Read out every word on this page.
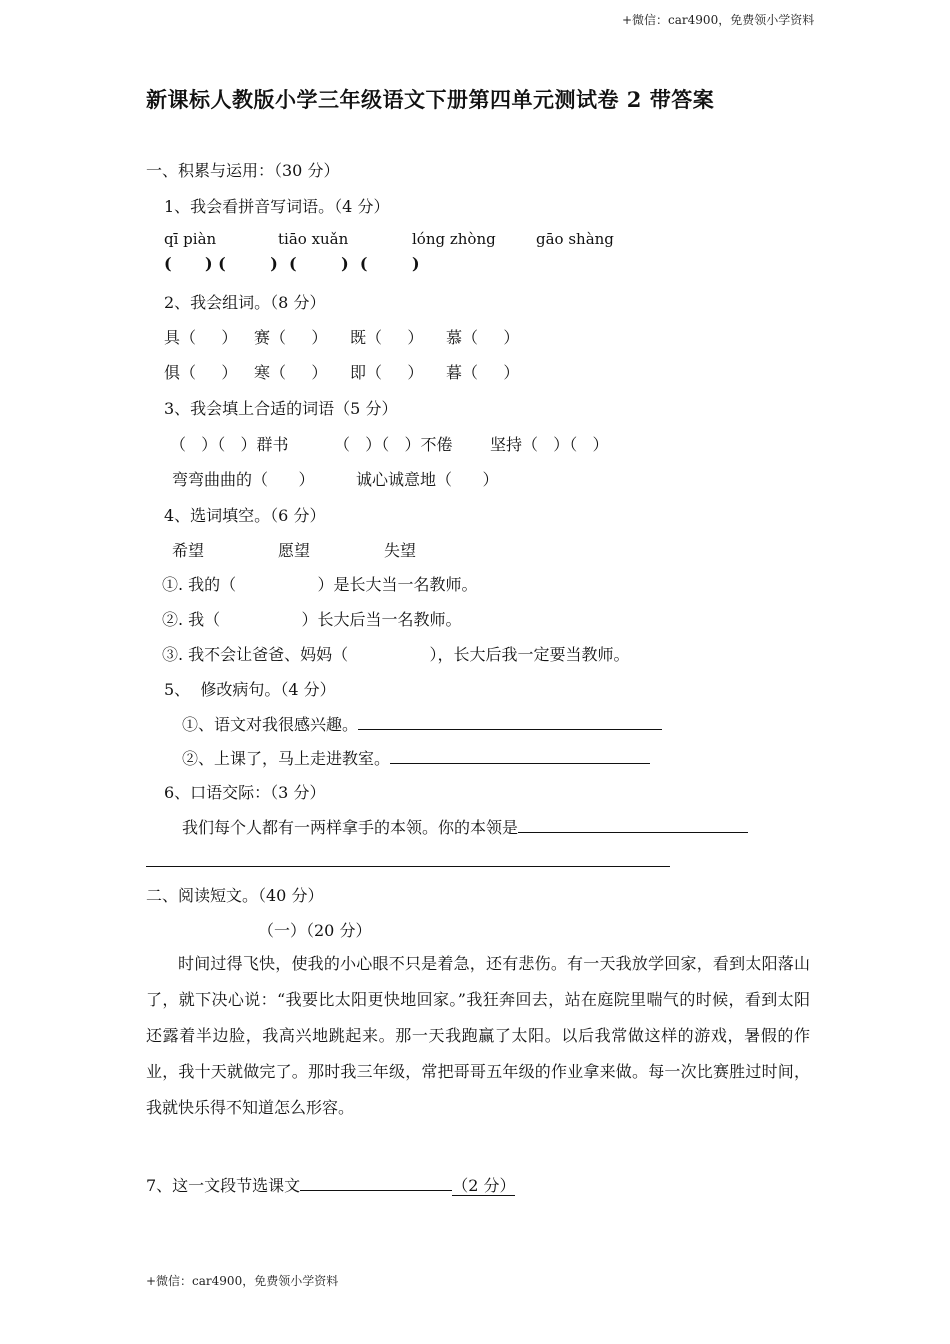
+微信：car4900，免费领小学资料
新课标人教版小学三年级语文下册第四单元测试卷 2 带答案
一、积累与运用：（30 分）
1、我会看拼音写词语。（4 分）
qī piàn	tiāo xuǎn	lóng zhòng	gāo shàng
(      ) (        )  (        )  (        )
2、我会组词。（8 分）
具（     ） 赛（     ） 既（     ） 慕（     ）
俱（     ） 寒（     ） 即（     ） 暮（     ）
3、我会填上合适的词语（5 分）
（   ）（   ）群书	（   ）（   ）不倦 坚持（   ）（   ）
弯弯曲曲的（      ）	诚心诚意地（      ）
4、选词填空。（6 分）
希望	愿望	失望
①. 我的（                ）是长大当一名教师。
②. 我（                ）长大后当一名教师。
③. 我不会让爸爸、妈妈（                ），长大后我一定要当教师。
5、  修改病句。（4 分）
①、语文对我很感兴趣。
②、上课了，马上走进教室。
6、口语交际：（3 分）
我们每个人都有一两样拿手的本领。你的本领是
二、阅读短文。（40 分）
（一）（20 分）
时间过得飞快，使我的小心眼不只是着急，还有悲伤。有一天我放学回家，看到太阳落山了，就下决心说：“我要比太阳更快地回家。”我狂奔回去，站在庭院里喘气的时候，看到太阳还露着半边脸，我高兴地跳起来。那一天我跑赢了太阳。以后我常做这样的游戏，暑假的作业，我十天就做完了。那时我三年级，常把哥哥五年级的作业拿来做。每一次比赛胜过时间，我就快乐得不知道怎么形容。
7、这一文段节选课文	（2 分）
+微信：car4900，免费领小学资料
